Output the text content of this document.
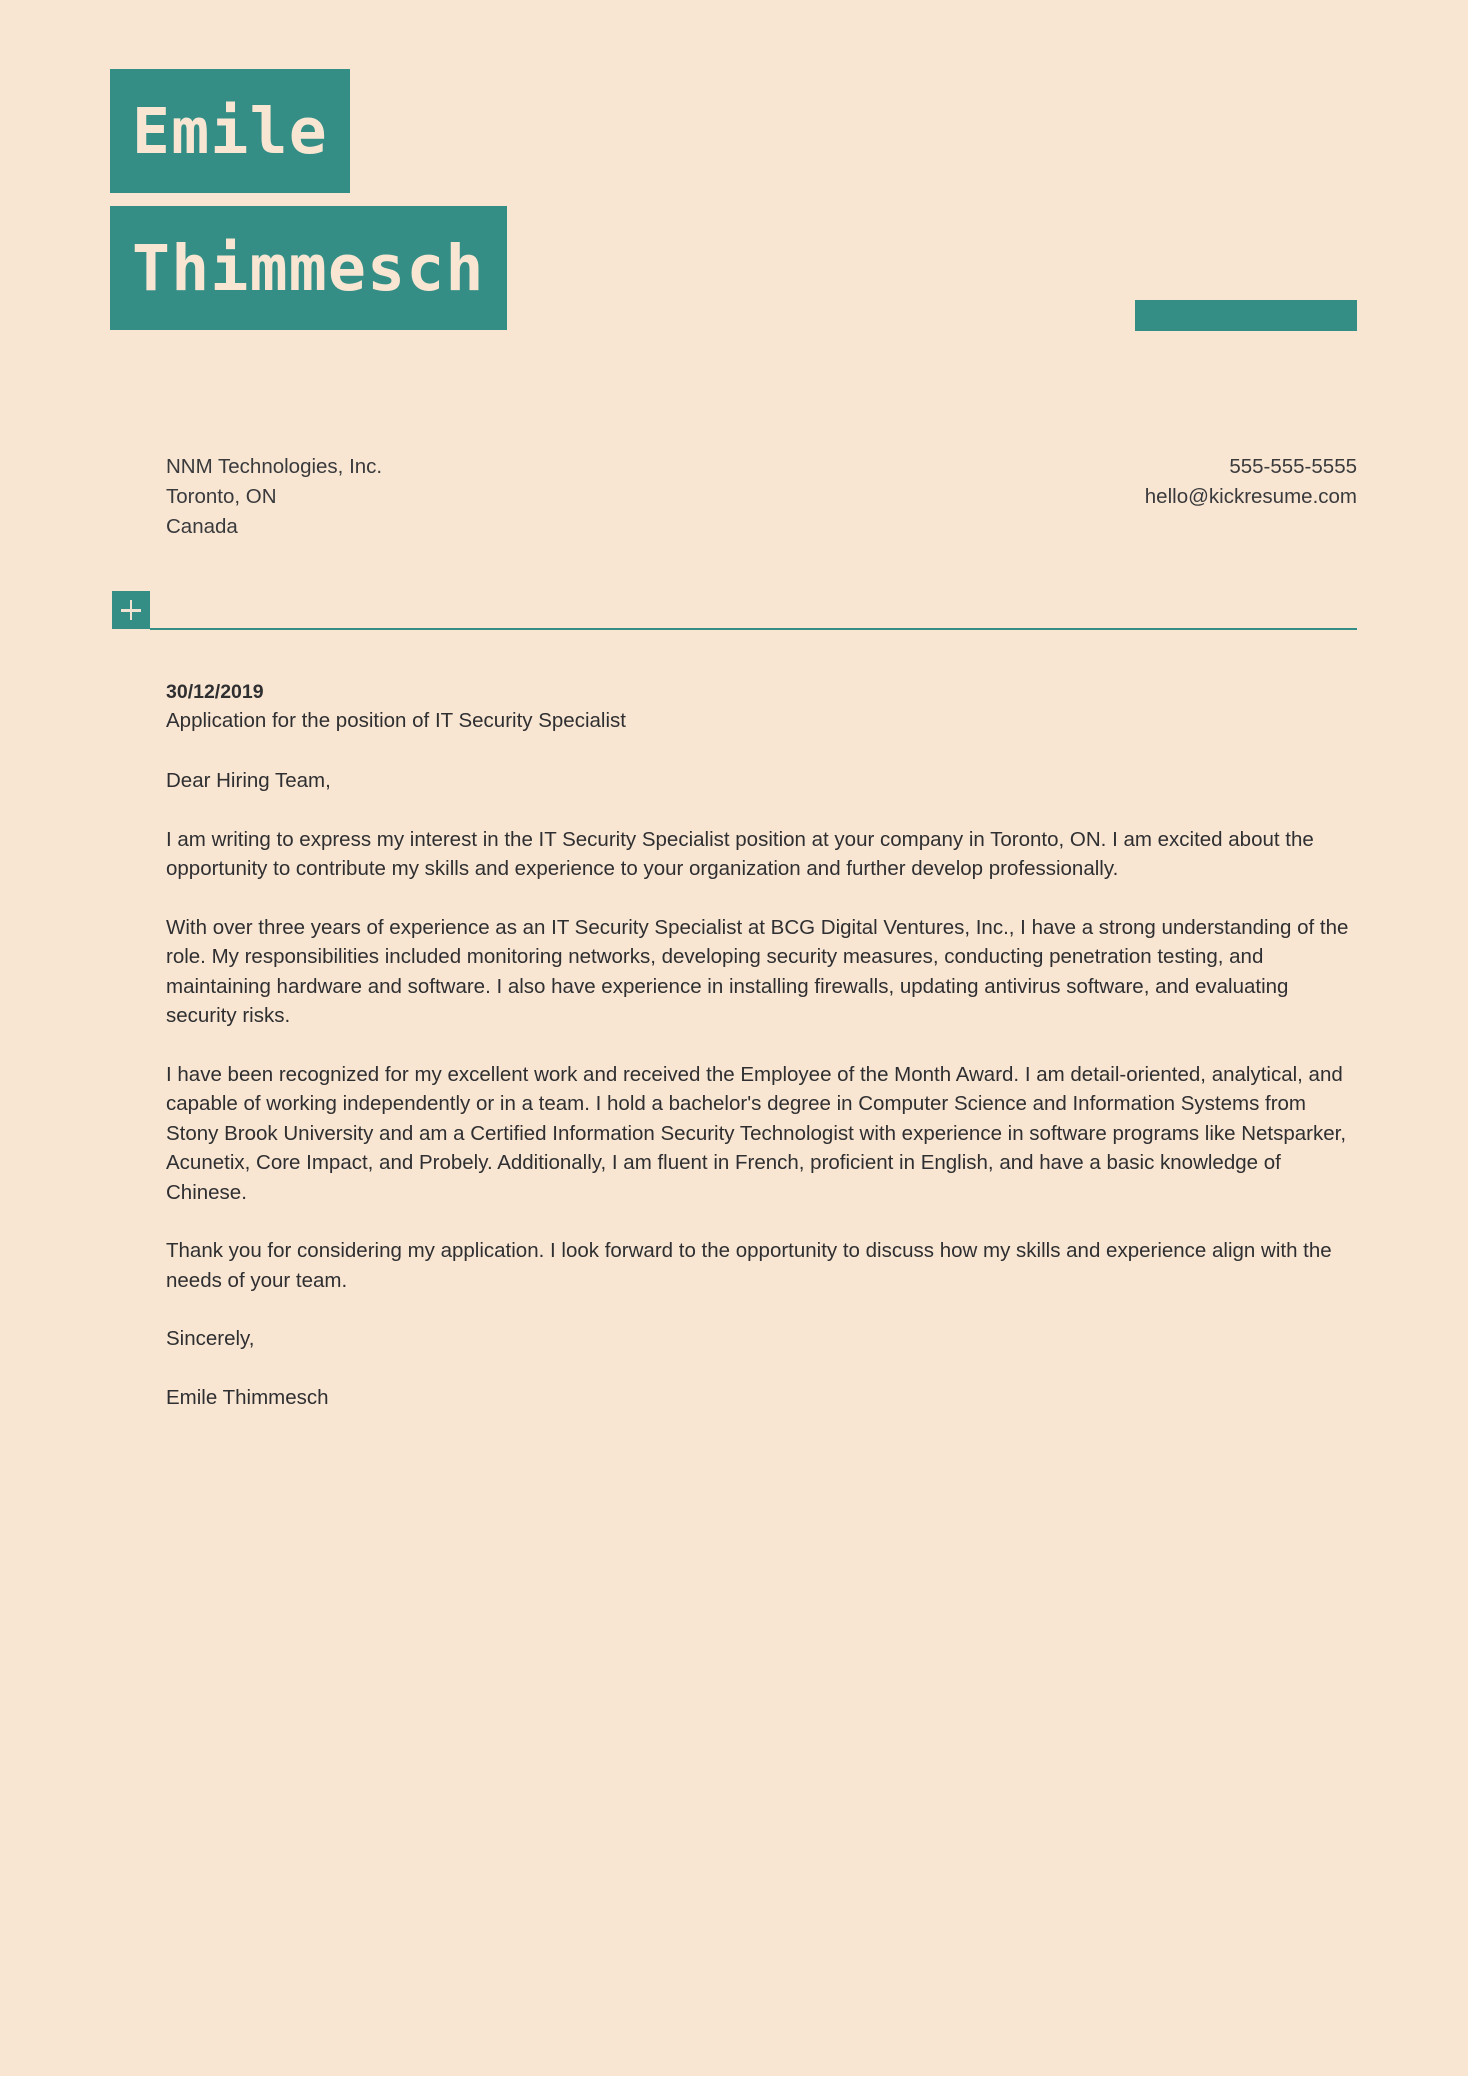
Emile
Thimmesch
NNM Technologies, Inc.
Toronto, ON
Canada
555-555-5555
hello@kickresume.com
30/12/2019
Application for the position of IT Security Specialist

Dear Hiring Team,

I am writing to express my interest in the IT Security Specialist position at your company in Toronto, ON. I am excited about the opportunity to contribute my skills and experience to your organization and further develop professionally.

With over three years of experience as an IT Security Specialist at BCG Digital Ventures, Inc., I have a strong understanding of the role. My responsibilities included monitoring networks, developing security measures, conducting penetration testing, and maintaining hardware and software. I also have experience in installing firewalls, updating antivirus software, and evaluating security risks.

I have been recognized for my excellent work and received the Employee of the Month Award. I am detail-oriented, analytical, and capable of working independently or in a team. I hold a bachelor's degree in Computer Science and Information Systems from Stony Brook University and am a Certified Information Security Technologist with experience in software programs like Netsparker, Acunetix, Core Impact, and Probely. Additionally, I am fluent in French, proficient in English, and have a basic knowledge of Chinese.

Thank you for considering my application. I look forward to the opportunity to discuss how my skills and experience align with the needs of your team.

Sincerely,

Emile Thimmesch
